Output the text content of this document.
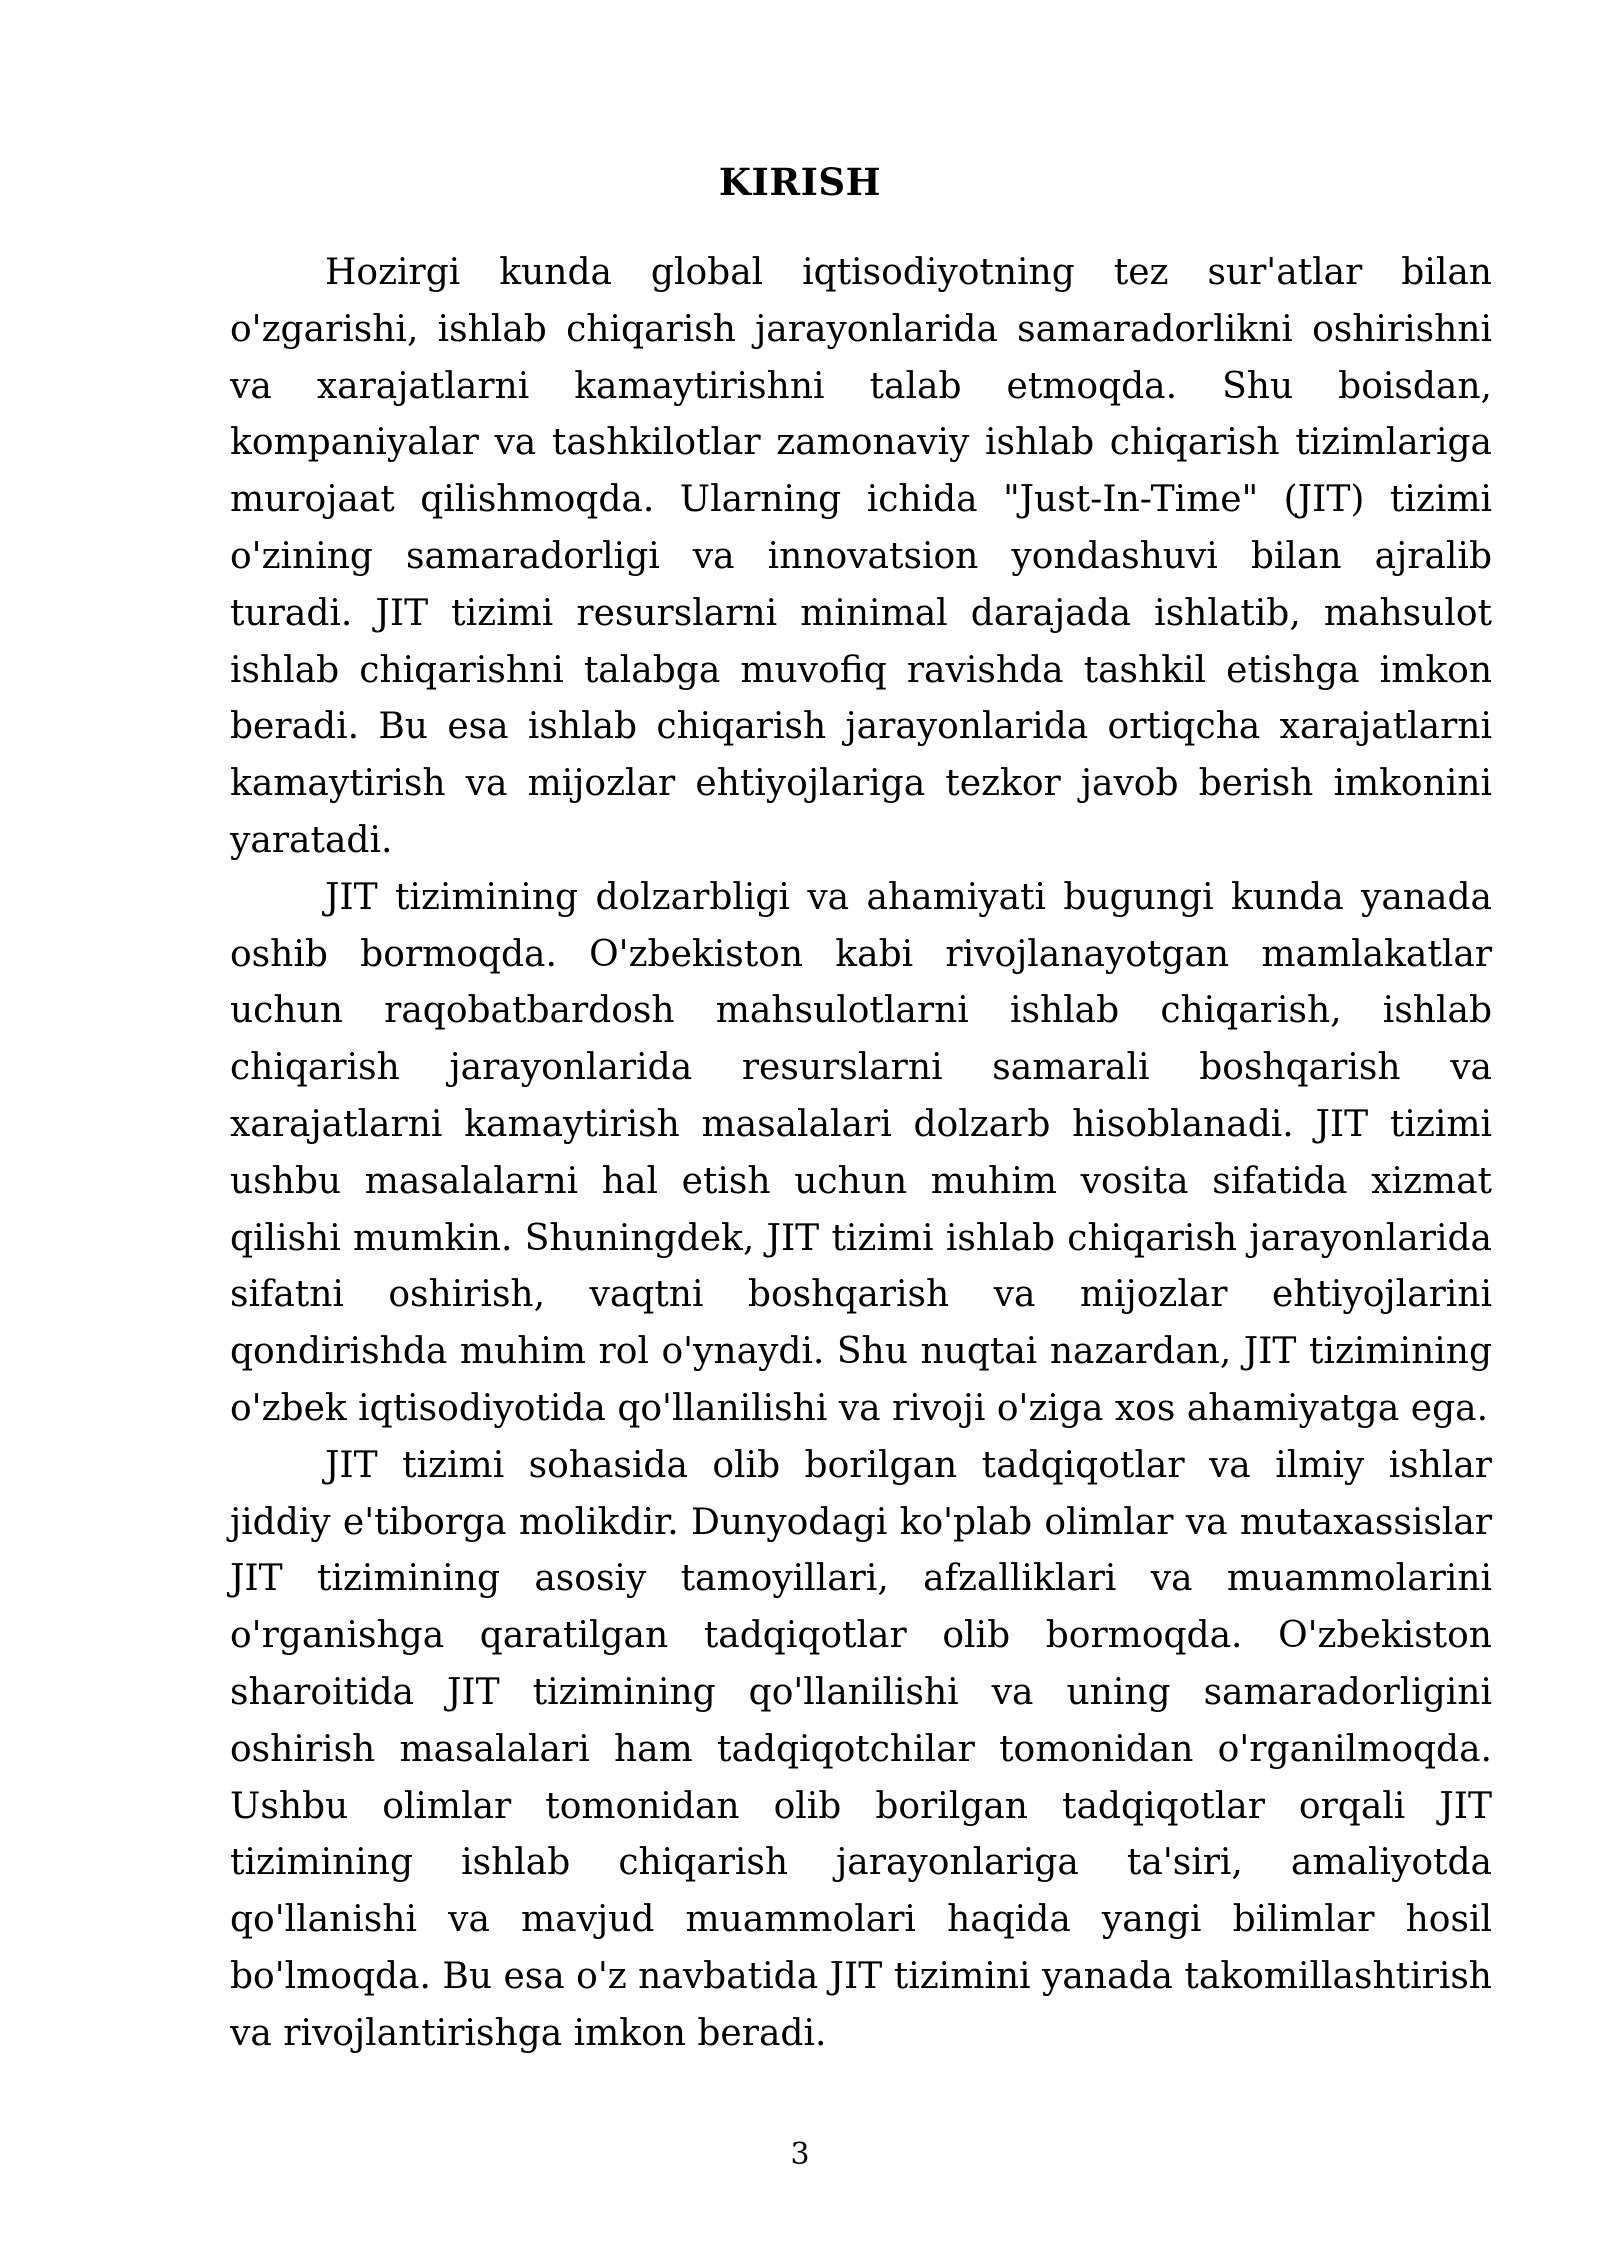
KIRISH

Hozirgi kunda global iqtisodiyotning tez sur'atlar bilan o'zgarishi, ishlab chiqarish jarayonlarida samaradorlikni oshirishni va xarajatlarni kamaytirishni talab etmoqda. Shu boisdan, kompaniyalar va tashkilotlar zamonaviy ishlab chiqarish tizimlariga murojaat qilishmoqda. Ularning ichida "Just-In-Time" (JIT) tizimi o'zining samaradorligi va innovatsion yondashuvi bilan ajralib turadi. JIT tizimi resurslarni minimal darajada ishlatib, mahsulot ishlab chiqarishni talabga muvofiq ravishda tashkil etishga imkon beradi. Bu esa ishlab chiqarish jarayonlarida ortiqcha xarajatlarni kamaytirish va mijozlar ehtiyojlariga tezkor javob berish imkonini yaratadi.

JIT tizimining dolzarbligi va ahamiyati bugungi kunda yanada oshib bormoqda. O'zbekiston kabi rivojlanayotgan mamlakatlar uchun raqobatbardosh mahsulotlarni ishlab chiqarish, ishlab chiqarish jarayonlarida resurslarni samarali boshqarish va xarajatlarni kamaytirish masalalari dolzarb hisoblanadi. JIT tizimi ushbu masalalarni hal etish uchun muhim vosita sifatida xizmat qilishi mumkin. Shuningdek, JIT tizimi ishlab chiqarish jarayonlarida sifatni oshirish, vaqtni boshqarish va mijozlar ehtiyojlarini qondirishda muhim rol o'ynaydi. Shu nuqtai nazardan, JIT tizimining o'zbek iqtisodiyotida qo'llanilishi va rivoji o'ziga xos ahamiyatga ega.

JIT tizimi sohasida olib borilgan tadqiqotlar va ilmiy ishlar jiddiy e'tiborga molikdir. Dunyodagi ko'plab olimlar va mutaxassislar JIT tizimining asosiy tamoyillari, afzalliklari va muammolarini o'rganishga qaratilgan tadqiqotlar olib bormoqda. O'zbekiston sharoitida JIT tizimining qo'llanilishi va uning samaradorligini oshirish masalalari ham tadqiqotchilar tomonidan o'rganilmoqda. Ushbu olimlar tomonidan olib borilgan tadqiqotlar orqali JIT tizimining ishlab chiqarish jarayonlariga ta'siri, amaliyotda qo'llanishi va mavjud muammolari haqida yangi bilimlar hosil bo'lmoqda. Bu esa o'z navbatida JIT tizimini yanada takomillashtirish va rivojlantirishga imkon beradi.

3
